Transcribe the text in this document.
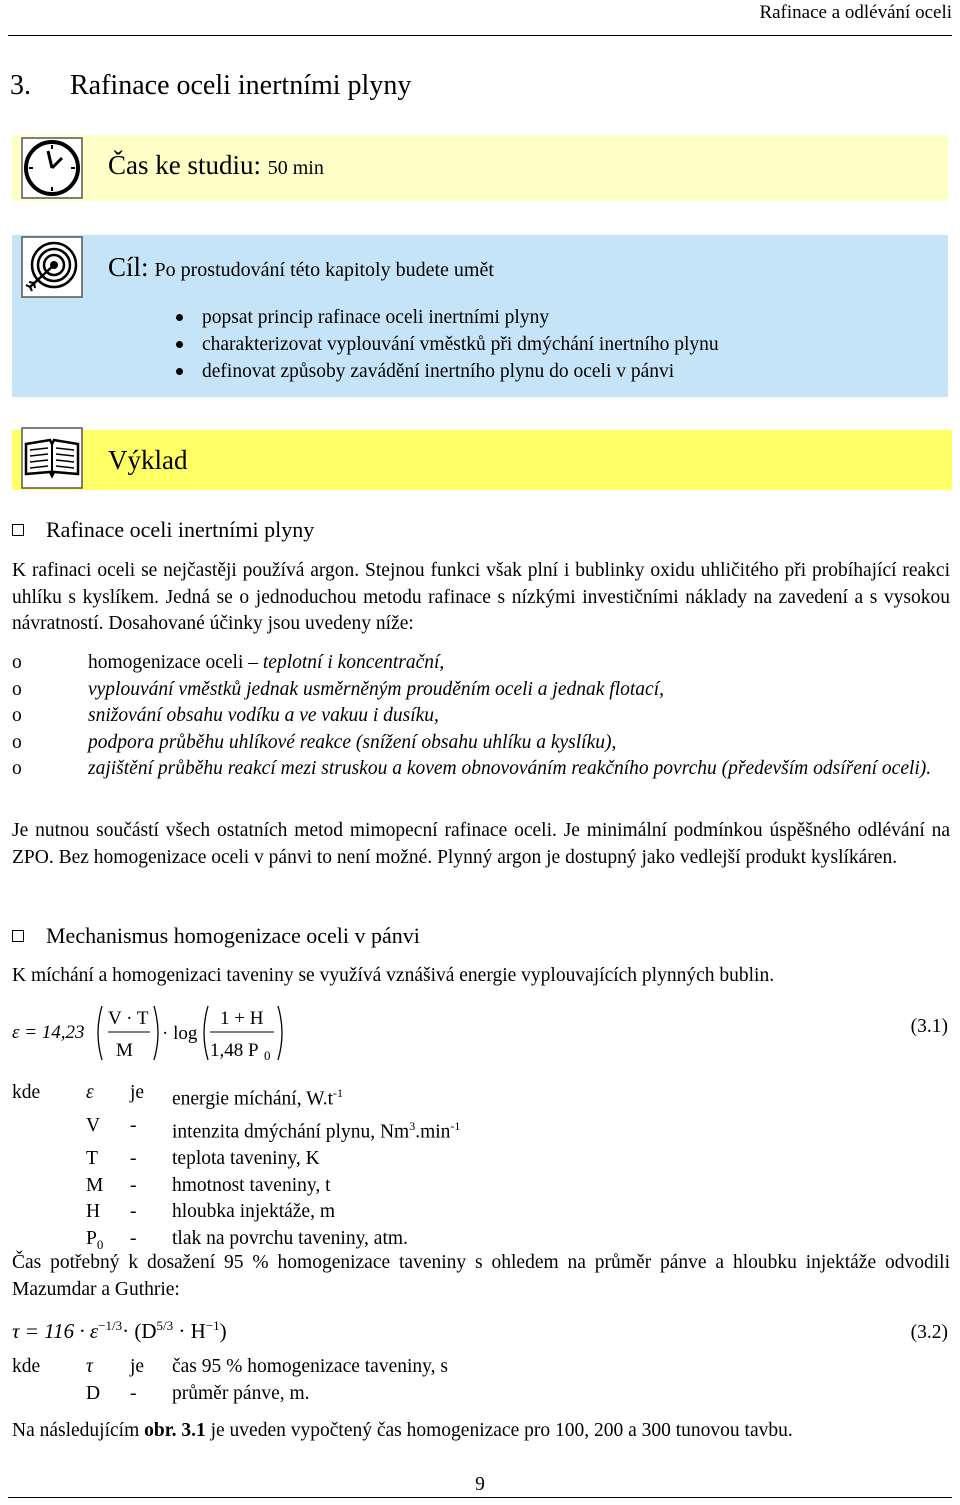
Rafinace a odlévání oceli
3. Rafinace oceli inertními plyny
Čas ke studiu: 50 min
Cíl: Po prostudování této kapitoly budete umět
popsat princip rafinace oceli inertními plyny
charakterizovat vyplouvání vměstků při dmýchání inertního plynu
definovat způsoby zavádění inertního plynu do oceli v pánvi
Výklad
Rafinace oceli inertními plyny
K rafinaci oceli se nejčastěji používá argon. Stejnou funkci však plní i bublinky oxidu uhličitého při probíhající reakci uhlíku s kyslíkem. Jedná se o jednoduchou metodu rafinace s nízkými investičními náklady na zavedení a s vysokou návratností. Dosahované účinky jsou uvedeny níže:
o homogenizace oceli – teplotní i koncentrační,
o vyplouvání vměstků jednak usměrněným prouděním oceli a jednak flotací,
o snižování obsahu vodíku a ve vakuu i dusíku,
o podpora průběhu uhlíkové reakce (snížení obsahu uhlíku a kyslíku),
o zajištění průběhu reakcí mezi struskou a kovem obnovováním reakčního povrchu (především odsíření oceli).
Je nutnou součástí všech ostatních metod mimopecní rafinace oceli. Je minimální podmínkou úspěšného odlévání na ZPO. Bez homogenizace oceli v pánvi to není možné. Plynný argon je dostupný jako vedlejší produkt kyslíkáren.
Mechanismus homogenizace oceli v pánvi
K míchání a homogenizaci taveniny se využívá vznášivá energie vyplouvajících plynných bublin.
ε = 14,23
V · T
M
· log
1 + H
1,48 P 0
(3.1)
kde	ε	je	energie míchání, $W.t^{-1}$
V	-	intenzita dmýchání plynu, $Nm^3.\min^{-1}$
T	-	teplota taveniny, K
M	-	hmotnost taveniny, t
H	-	hloubka injektáže, m
$P_0$	-	tlak na povrchu taveniny, atm.
Čas potřebný k dosažení 95 % homogenizace taveniny s ohledem na průměr pánve a hloubku injektáže odvodili Mazumdar a Guthrie:
$\tau = 116 \cdot \varepsilon^{-1/3}\cdot (D^{5/3} \cdot H^{-1})$	(3.2)
kde	τ	je	čas 95 % homogenizace taveniny, s
D	-	průměr pánve, m.
Na následujícím obr. 3.1 je uveden vypočtený čas homogenizace pro 100, 200 a 300 tunovou tavbu.
9
